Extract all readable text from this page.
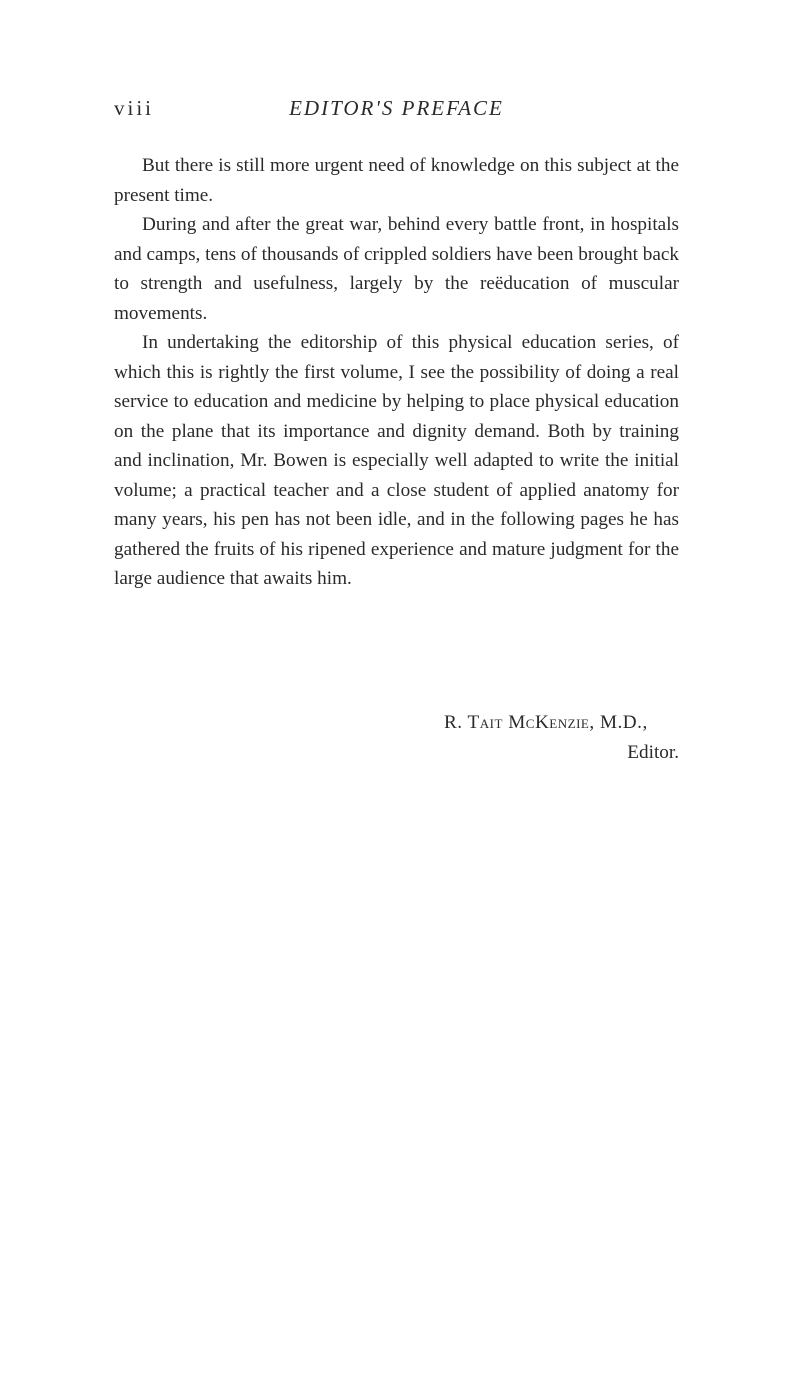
viii	EDITOR'S PREFACE

But there is still more urgent need of knowledge on this subject at the present time.

During and after the great war, behind every battle front, in hospitals and camps, tens of thousands of crippled soldiers have been brought back to strength and usefulness, largely by the reëducation of muscular movements.

In undertaking the editorship of this physical education series, of which this is rightly the first volume, I see the possibility of doing a real service to education and medicine by helping to place physical education on the plane that its importance and dignity demand. Both by training and inclination, Mr. Bowen is especially well adapted to write the initial volume; a practical teacher and a close student of applied anatomy for many years, his pen has not been idle, and in the following pages he has gathered the fruits of his ripened experience and mature judgment for the large audience that awaits him.

R. Tait McKenzie, M.D.,
Editor.
